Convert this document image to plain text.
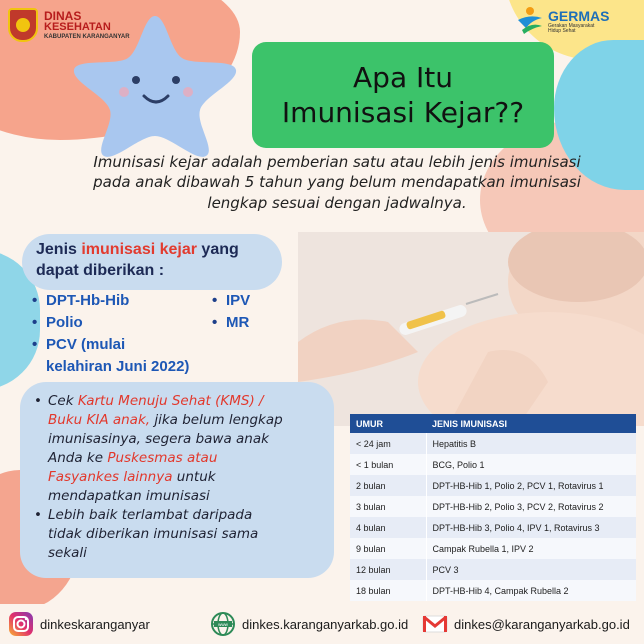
DINAS
KESEHATAN
KABUPATEN KARANGANYAR
GERMAS
Gerakan Masyarakat
Hidup Sehat
Apa Itu
Imunisasi Kejar??
Imunisasi kejar adalah pemberian satu atau lebih jenis imunisasi
pada anak dibawah 5 tahun yang belum mendapatkan imunisasi
lengkap sesuai dengan jadwalnya.
Jenis imunisasi kejar yang
dapat diberikan :
• DPT-Hb-Hib
• Polio
• PCV (mulai
kelahiran Juni 2022)
• IPV
• MR
• Cek Kartu Menuju Sehat (KMS) /
Buku KIA anak, jika belum lengkap
imunisasinya, segera bawa anak
Anda ke Puskesmas atau
Fasyankes lainnya untuk
mendapatkan imunisasi
• Lebih baik terlambat daripada
tidak diberikan imunisasi sama
sekali
UMUR	JENIS IMUNISASI
< 24 jam	Hepatitis B
< 1 bulan	BCG, Polio 1
2 bulan	DPT-HB-Hib 1, Polio 2, PCV 1, Rotavirus 1
3 bulan	DPT-HB-Hib 2, Polio 3, PCV 2, Rotavirus 2
4 bulan	DPT-HB-Hib 3, Polio 4, IPV 1, Rotavirus 3
9 bulan	Campak Rubella 1, IPV 2
12 bulan	PCV 3
18 bulan	DPT-HB-Hib 4, Campak Rubella 2
dinkeskaranganyar	www dinkes.karanganyarkab.go.id	dinkes@karanganyarkab.go.id
